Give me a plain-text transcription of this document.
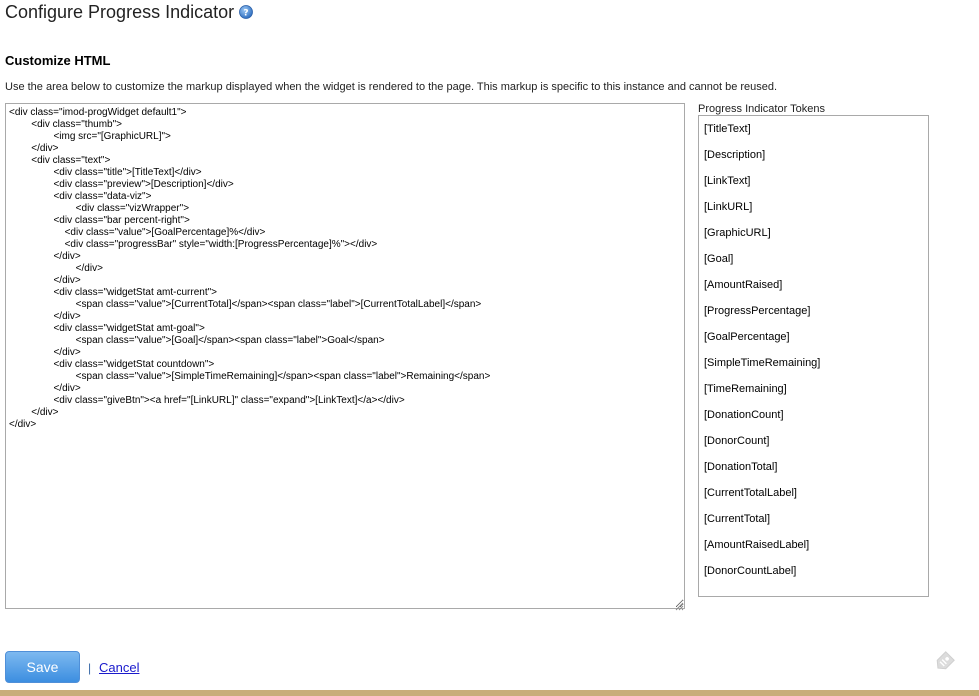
Configure Progress Indicator ?
Customize HTML

Use the area below to customize the markup displayed when the widget is rendered to the page. This markup is specific to this instance and cannot be reused.

<div class="imod-progWidget default1"> <div class="thumb"> <img src="[GraphicURL]"> </div> <div class="text"> <div class="title">[TitleText]</div> <div class="preview">[Description]</div> <div class="data-viz"> <div class="vizWrapper"> <div class="bar percent-right"> <div class="value">[GoalPercentage]%</div> <div class="progressBar" style="width:[ProgressPercentage]%"></div> </div> </div> </div> <div class="widgetStat amt-current"> <span class="value">[CurrentTotal]</span><span class="label">[CurrentTotalLabel]</span> </div> <div class="widgetStat amt-goal"> <span class="value">[Goal]</span><span class="label">Goal</span> </div> <div class="widgetStat countdown"> <span class="value">[SimpleTimeRemaining]</span><span class="label">Remaining</span> </div> <div class="giveBtn"><a href="[LinkURL]" class="expand">[LinkText]</a></div> </div> </div>
Progress Indicator Tokens
[TitleText]
[Description]
[LinkText]
[LinkURL]
[GraphicURL]
[Goal]
[AmountRaised]
[ProgressPercentage]
[GoalPercentage]
[SimpleTimeRemaining]
[TimeRemaining]
[DonationCount]
[DonorCount]
[DonationTotal]
[CurrentTotalLabel]
[CurrentTotal]
[AmountRaisedLabel]
[DonorCountLabel]
Save	| Cancel
